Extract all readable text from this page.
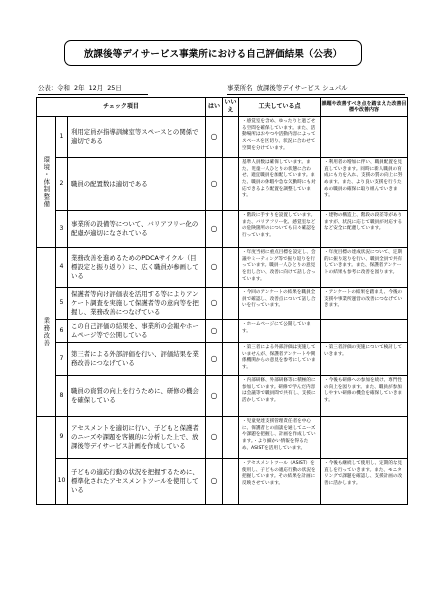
放課後等デイサービス事業所における自己評価結果（公表）
公表：令和 2年 12月 25日	事業所名 放課後等デイサービス シュパル
チェック項目			はい	いいえ	工夫している点	課題や改善すべき点を踏まえた改善目標や改善内容
環境・体制整備	1	利用定員が指導訓練室等スペースとの関係で適切である	○		・感覚室を含め、ゆったりと過ごせる空間を確保しています。また、活動場所はおやつや活動内容によってスペースを区切り、状況に合わせて空間を分けています。	
	2	職員の配置数は適切である	○		基準人員数は確保しています。また、児童一人ひとりの状態に合わせ、適宜職員を加配しています。また、職員の休暇や急な欠勤時にも対応できるよう配置を調整しています。	・利用者の増加に伴い、職員配置を見直していきます。同時に新人職員の育成にも力を入れ、支援の質の向上に努めます。また、より良い支援を行うための職員の確保に取り組んでいきます。
	3	事業所の設備等について、バリアフリー化の配慮が適切になされている	○		・階段に手すりを設置しています。また、バリアフリー化、感覚室などの危険箇所のについても日々確認を行っています。	・建物の構造上、階段の段差等がありますが、状況に応じて職員が対応するなど安全に配慮しています。
業務改善	4	業務改善を進めるためのPDCAサイクル（目標設定と振り返り）に、広く職員が参画している	○		・年度当初に重点目標を設定し、会議やミーティング等で振り返りを行っています。職員一人ひとりの意見を出し合い、改善に向けて話し合っています。	・年度目標の達成状況について、定期的に振り返りを行い、職員全員で共有していきます。また、保護者アンケートの結果も参考に改善を図ります。
	5	保護者等向け評価表を活用する等によりアンケート調査を実施して保護者等の意向等を把握し、業務改善につなげている	○		・今回のアンケートの結果を職員全員で確認し、改善点について話し合いを行っています。	・アンケートの結果を踏まえ、今後の支援や事業所運営の改善につなげていきます。
	6	この自己評価の結果を、事業所の会報やホームページ等で公開している	○		・ホームページにて公開しています。	
	7	第三者による外部評価を行い、評価結果を業務改善につなげている	○		・第三者による外部評価は実施していませんが、保護者アンケートや関係機関からの意見を参考にしています。	・第三者評価の実施について検討していきます。
	8	職員の資質の向上を行うために、研修の機会を確保している	○		・内部研修、外部研修等に積極的に参加しています。研修で学んだ内容は会議等で職員間で共有し、支援に活かしています。	・今後も研修への参加を続け、専門性の向上を図ります。また、職員が参加しやすい研修の機会を確保していきます。
	9	アセスメントを適切に行い、子どもと保護者のニーズや課題を客観的に分析した上で、放課後等デイサービス計画を作成している	○		・児童発達支援管理責任者を中心に、保護者との面談を通してニーズや課題を把握し、計画を作成しています。・より細かい情報を得るため、ASISTを活用しています。	
	10	子どもの適応行動の状況を把握するために、標準化されたアセスメントツールを使用している	○		・アセスメントツール（ASIST）を使用し、子どもの適応行動の状況を把握しています。その結果を計画に反映させています。	・今後も継続して使用し、定期的な見直しを行っていきます。また、モニタリングで課題を確認し、支援計画の改善に活かします。
